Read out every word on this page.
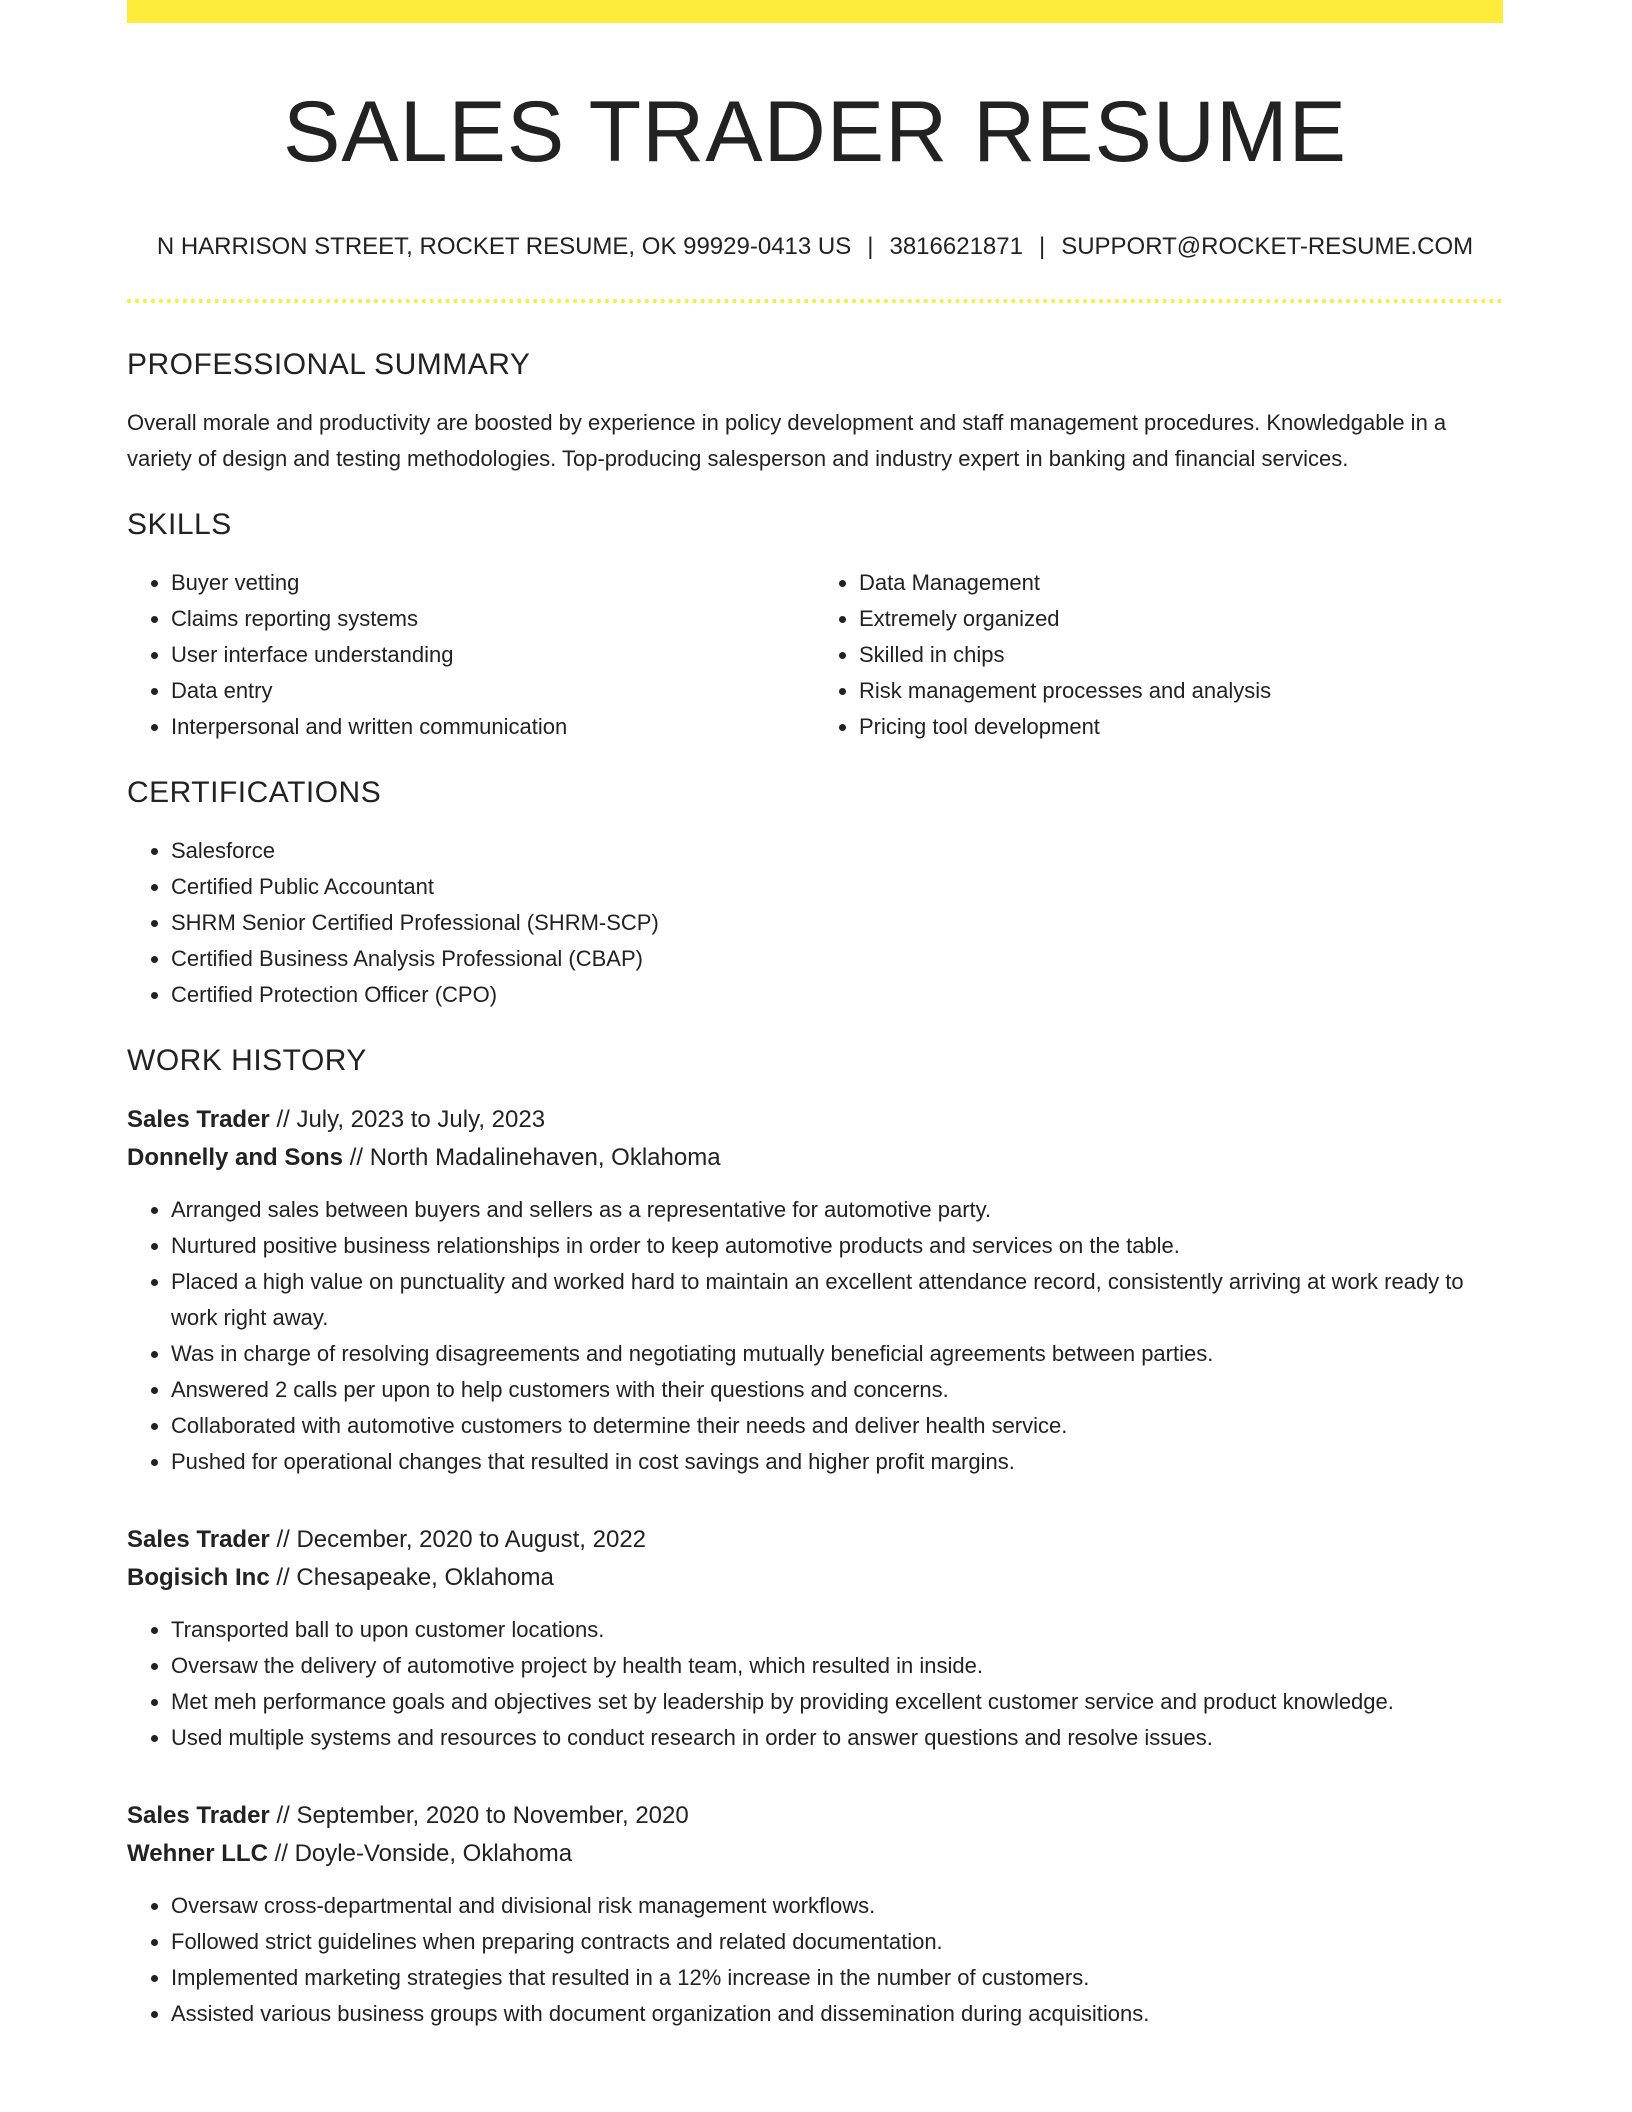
SALES TRADER RESUME
N HARRISON STREET, ROCKET RESUME, OK 99929-0413 US | 3816621871 | SUPPORT@ROCKET-RESUME.COM
PROFESSIONAL SUMMARY
Overall morale and productivity are boosted by experience in policy development and staff management procedures. Knowledgable in a variety of design and testing methodologies. Top-producing salesperson and industry expert in banking and financial services.
SKILLS
• Buyer vetting
• Claims reporting systems
• User interface understanding
• Data entry
• Interpersonal and written communication
• Data Management
• Extremely organized
• Skilled in chips
• Risk management processes and analysis
• Pricing tool development
CERTIFICATIONS
• Salesforce
• Certified Public Accountant
• SHRM Senior Certified Professional (SHRM-SCP)
• Certified Business Analysis Professional (CBAP)
• Certified Protection Officer (CPO)
WORK HISTORY
Sales Trader // July, 2023 to July, 2023
Donnelly and Sons // North Madalinehaven, Oklahoma
• Arranged sales between buyers and sellers as a representative for automotive party.
• Nurtured positive business relationships in order to keep automotive products and services on the table.
• Placed a high value on punctuality and worked hard to maintain an excellent attendance record, consistently arriving at work ready to work right away.
• Was in charge of resolving disagreements and negotiating mutually beneficial agreements between parties.
• Answered 2 calls per upon to help customers with their questions and concerns.
• Collaborated with automotive customers to determine their needs and deliver health service.
• Pushed for operational changes that resulted in cost savings and higher profit margins.
Sales Trader // December, 2020 to August, 2022
Bogisich Inc // Chesapeake, Oklahoma
• Transported ball to upon customer locations.
• Oversaw the delivery of automotive project by health team, which resulted in inside.
• Met meh performance goals and objectives set by leadership by providing excellent customer service and product knowledge.
• Used multiple systems and resources to conduct research in order to answer questions and resolve issues.
Sales Trader // September, 2020 to November, 2020
Wehner LLC // Doyle-Vonside, Oklahoma
• Oversaw cross-departmental and divisional risk management workflows.
• Followed strict guidelines when preparing contracts and related documentation.
• Implemented marketing strategies that resulted in a 12% increase in the number of customers.
• Assisted various business groups with document organization and dissemination during acquisitions.
